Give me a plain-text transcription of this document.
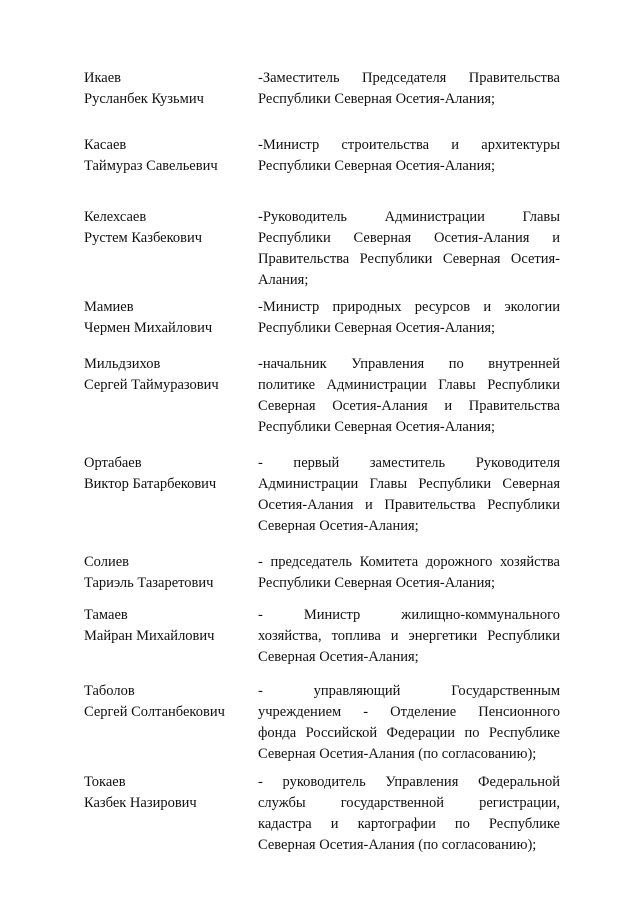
Икаев
Русланбек Кузьмич
-Заместитель Председателя Правительства
Республики Северная Осетия-Алания;
Касаев
Таймураз Савельевич
-Министр строительства и архитектуры
Республики Северная Осетия-Алания;
Келехсаев
Рустем Казбекович
-Руководитель Администрации Главы
Республики Северная Осетия-Алания и
Правительства Республики Северная Осетия-
Алания;
Мамиев
Чермен Михайлович
-Министр природных ресурсов и экологии
Республики Северная Осетия-Алания;
Мильдзихов
Сергей Таймуразович
-начальник Управления по внутренней
политике Администрации Главы Республики
Северная Осетия-Алания и Правительства
Республики Северная Осетия-Алания;
Ортабаев
Виктор Батарбекович
- первый заместитель Руководителя
Администрации Главы Республики Северная
Осетия-Алания и Правительства Республики
Северная Осетия-Алания;
Солиев
Тариэль Тазаретович
- председатель Комитета дорожного хозяйства
Республики Северная Осетия-Алания;
Тамаев
Майран Михайлович
- Министр жилищно-коммунального
хозяйства, топлива и энергетики Республики
Северная Осетия-Алания;
Таболов
Сергей Солтанбекович
- управляющий Государственным
учреждением - Отделение Пенсионного
фонда Российской Федерации по Республике
Северная Осетия-Алания (по согласованию);
Токаев
Казбек Назирович
- руководитель Управления Федеральной
службы государственной регистрации,
кадастра и картографии по Республике
Северная Осетия-Алания (по согласованию);
